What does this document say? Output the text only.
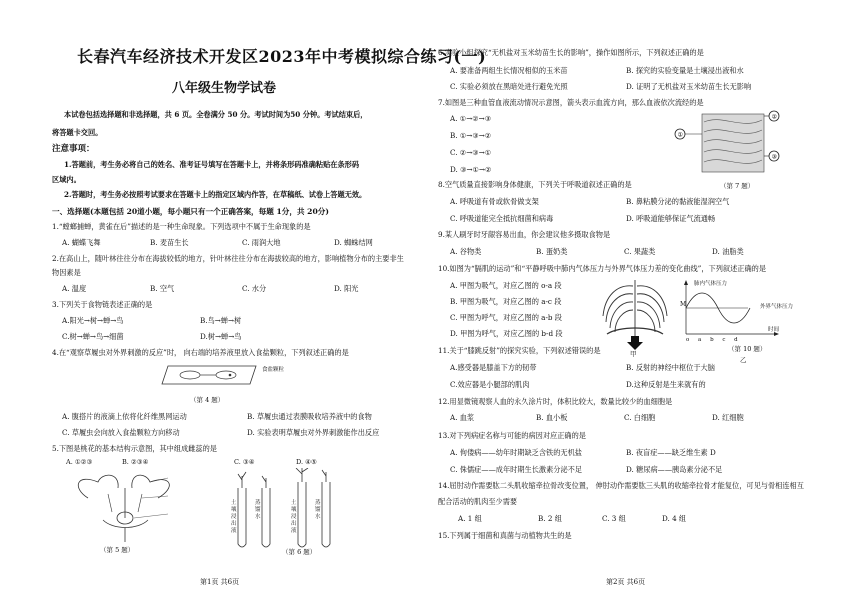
长春汽车经济技术开发区2023年中考模拟综合练习(一)
八年级生物学试卷
本试卷包括选择题和非选择题，共 6 页。全卷满分 50 分。考试时间为50 分钟。考试结束后，
将答题卡交回。
注意事项：
1.答题前，考生务必将自己的姓名、准考证号填写在答题卡上，并将条形码准确粘贴在条形码
区域内。
2.答题时，考生务必按照考试要求在答题卡上的指定区域内作答，在草稿纸、试卷上答题无效。
一、选择题(本题包括 20道小题，每小题只有一个正确答案，每题 1分，共 20分)
1.“螳螂捕蝉，黄雀在后”描述的是一种生命现象。下列选项中不属于生命现象的是
A. 蝴蝶飞舞	B. 麦苗生长	C. 雨润大地	D. 蜘蛛结网
2.在高山上，随叶林往往分布在海拔较低的地方，针叶林往往分布在海拔较高的地方，影响植物分布的主要非生
物因素是
A. 温度	B. 空气	C. 水分	D. 阳光
3.下列关于食物链表述正确的是
A.阳光→树→蝉→鸟	B.鸟→蝉→树
C.树→蝉→鸟→细菌	D.树→蝉→鸟
4.在“观察草履虫对外界刺激的反应”时， 向右端的培养液里放入食盐颗粒，下列叙述正确的是
食盐颗粒
（第 4 题）
A. 腹搭片的液滴上依将化纤维黑网运动	B. 草履虫通过表膜吸收培养液中的食物
C. 草履虫会向放入食盐颗粒方向移动	D. 实验表明草履虫对外界刺激能作出反应
5.下图是桃花的基本结构示意图，其中组成雌蕊的是
A. ①②③	B. ②③④	C. ③④	D. ④⑤
（第 5 题）
土壤浸出液
蒸馏水
土壤浸出液
蒸馏水
（第 6 题）
第1页 共6页
6.实验小组探究“无机盐对玉米幼苗生长的影响”，操作如图所示，下列叙述正确的是
A. 要准备两组生长情况相似的玉米苗	B. 探究的实验变量是土壤浸出液和水
C. 实验必须放在黑暗处进行避免光照	D. 证明了无机盐对玉米幼苗生长无影响
7.如图是三种血管血液流动情况示意图，箭头表示血流方向，那么血液依次流经的是
A. ①→②→③
B. ①→③→②
C. ②→③→①
D. ③→①→②
②
①
③
（第 7 题）
8.空气质量直接影响身体健康，下列关于呼吸道叙述正确的是
A. 呼吸道有骨或软骨做支架	B. 鼻粘膜分泌的黏液能湿润空气
C. 呼吸道能完全抵抗细菌和病毒	D. 呼吸道能够保证气流通畅
9.某人刷牙时牙龈容易出血，你会建议他多摄取食物是
A. 谷物类	B. 蛋奶类	C. 果蔬类	D. 油脂类
10.如图为“膈肌的运动”和“平静呼吸中肺内气体压力与外界气体压力差的变化曲线”，下列叙述正确的是
A. 甲图为吸气，对应乙图的 o-a 段
B. 甲图为吸气，对应乙图的 a-c 段
C. 甲图为呼气，对应乙图的 a-b 段
D. 甲图为呼气，对应乙图的 b-d 段
甲
肺内气体压力
M	外界气体压力
时间
o     a     b     c     d
（第 10 题）
乙
11.关于“膝跳反射”的探究实验，下列叙述错误的是
A.感受器是膝盖下方的韧带	B. 反射的神经中枢位于大脑
C.效应器是小腿部的肌肉	D.这种反射是生来就有的
12.用显微镜观察人血的永久涂片时，体积比较大，数量比较少的血细胞是
A. 血浆	B. 血小板	C. 白细胞	D. 红细胞
13.对下列病症名称与可能的病因对应正确的是
A. 佝偻病——幼年时期缺乏含铁的无机盐	B. 夜盲症——缺乏维生素 D
C. 侏儒症——成年时期生长激素分泌不足	D. 糖尿病——胰岛素分泌不足
14.屈肘动作需要肱二头肌收缩牵拉骨改变位置， 伸肘动作需要肱三头肌的收缩牵拉骨才能复位，可见与骨相连相互
配合活动的肌肉至少需要
A. 1 组	B. 2 组	C. 3 组	D. 4 组
15.下列属于细菌和真菌与动植物共生的是
第2页 共6页
